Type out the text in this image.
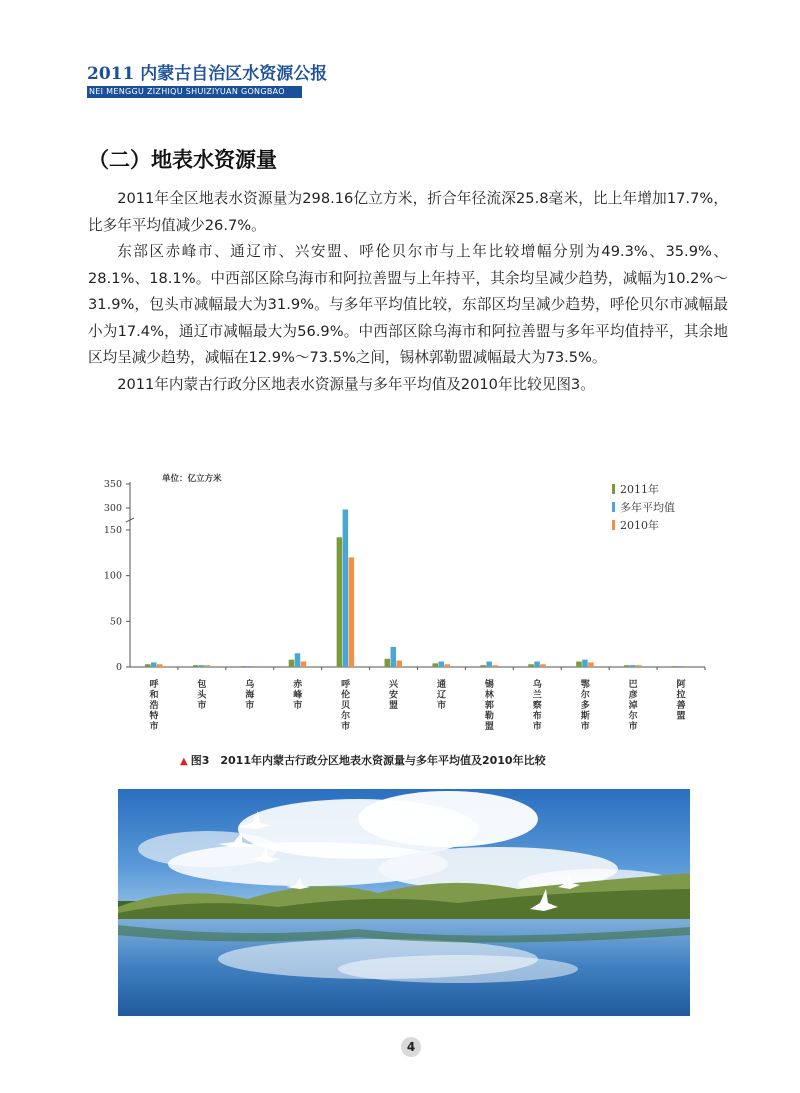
2011 内蒙古自治区水资源公报
NEI MENGGU ZIZHIQU SHUIZIYUAN GONGBAO
（二）地表水资源量

2011年全区地表水资源量为298.16亿立方米，折合年径流深25.8毫米，比上年增加17.7%，比多年平均值减少26.7%。

东部区赤峰市、通辽市、兴安盟、呼伦贝尔市与上年比较增幅分别为49.3%、35.9%、28.1%、18.1%。中西部区除乌海市和阿拉善盟与上年持平，其余均呈减少趋势，减幅为10.2%～31.9%，包头市减幅最大为31.9%。与多年平均值比较，东部区均呈减少趋势，呼伦贝尔市减幅最小为17.4%，通辽市减幅最大为56.9%。中西部区除乌海市和阿拉善盟与多年平均值持平，其余地区均呈减少趋势，减幅在12.9%～73.5%之间，锡林郭勒盟减幅最大为73.5%。

2011年内蒙古行政分区地表水资源量与多年平均值及2010年比较见图3。

0
50
100
150
300
350	单位：亿立方米
呼
和
浩
特
市
包
头
市
乌
海
市
赤
峰
市
呼
伦
贝
尔
市
兴
安
盟
通
辽
市
锡
林
郭
勒
盟
乌
兰
察
布
市
鄂
尔
多
斯
市
巴
彦
淖
尔
市
阿
拉
善
盟
2011年
多年平均值
2010年
▲ 图3　2011年内蒙古行政分区地表水资源量与多年平均值及2010年比较
4
